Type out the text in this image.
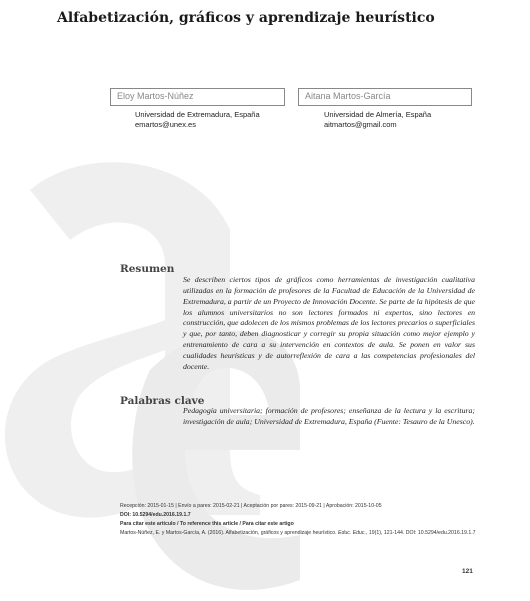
Alfabetización, gráficos y aprendizaje heurístico
Eloy Martos-Núñez	Aitana Martos-García
Universidad de Extremadura, España
emartos@unex.es
Universidad de Almería, España
aitmartos@gmail.com
Resumen

Se describen ciertos tipos de gráficos como herramientas de investigación cualitativa utilizadas en la formación de profesores de la Facultad de Educación de la Universidad de Extremadura, a partir de un Proyecto de Innovación Docente. Se parte de la hipótesis de que los alumnos universitarios no son lectores formados ni expertos, sino lectores en construcción, que adolecen de los mismos problemas de los lectores precarios o superficiales y que, por tanto, deben diagnosticar y corregir su propia situación como mejor ejemplo y entrenamiento de cara a su intervención en contextos de aula. Se ponen en valor sus cualidades heurísticas y de autorreflexión de cara a las competencias profesionales del docente.

Palabras clave

Pedagogía universitaria; formación de profesores; enseñanza de la lectura y la escritura; investigación de aula; Universidad de Extremadura, España (Fuente: Tesauro de la Unesco).

Recepción: 2015-01-15 | Envío a pares: 2015-02-21 | Aceptación por pares: 2015-09-21 | Aprobación: 2015-10-05
DOI: 10.5294/edu.2016.19.1.7
Para citar este artículo / To reference this article / Para citar este artigo
Martos-Núñez, E. y Martos-García, A. (2016). Alfabetización, gráficos y aprendizaje heurístico. Educ. Educ., 19(1), 121-144. DOI: 10.5294/edu.2016.19.1.7
121
